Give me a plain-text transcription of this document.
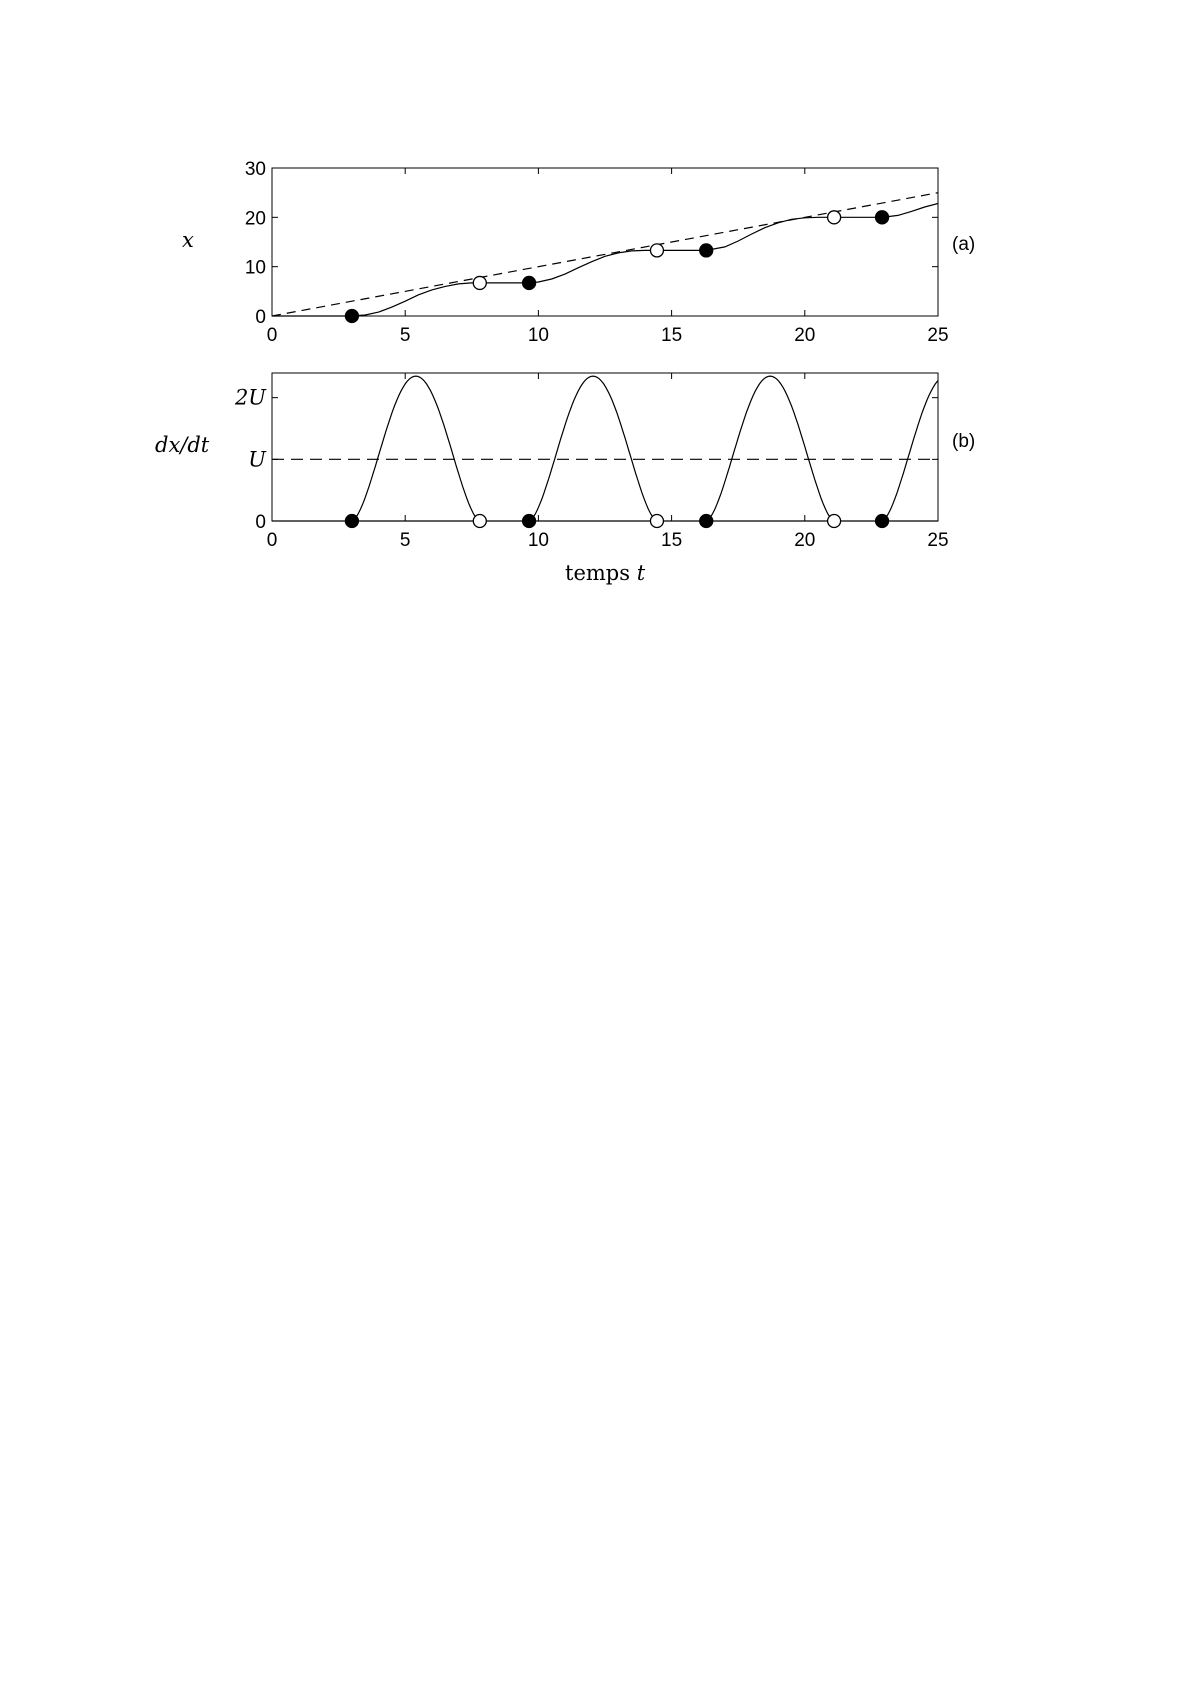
x	(a)
0	5	10	15	20	25
0
10
20
30
dx/dt	(b)
temps t
0	5	10	15	20	25
0
U
2U
